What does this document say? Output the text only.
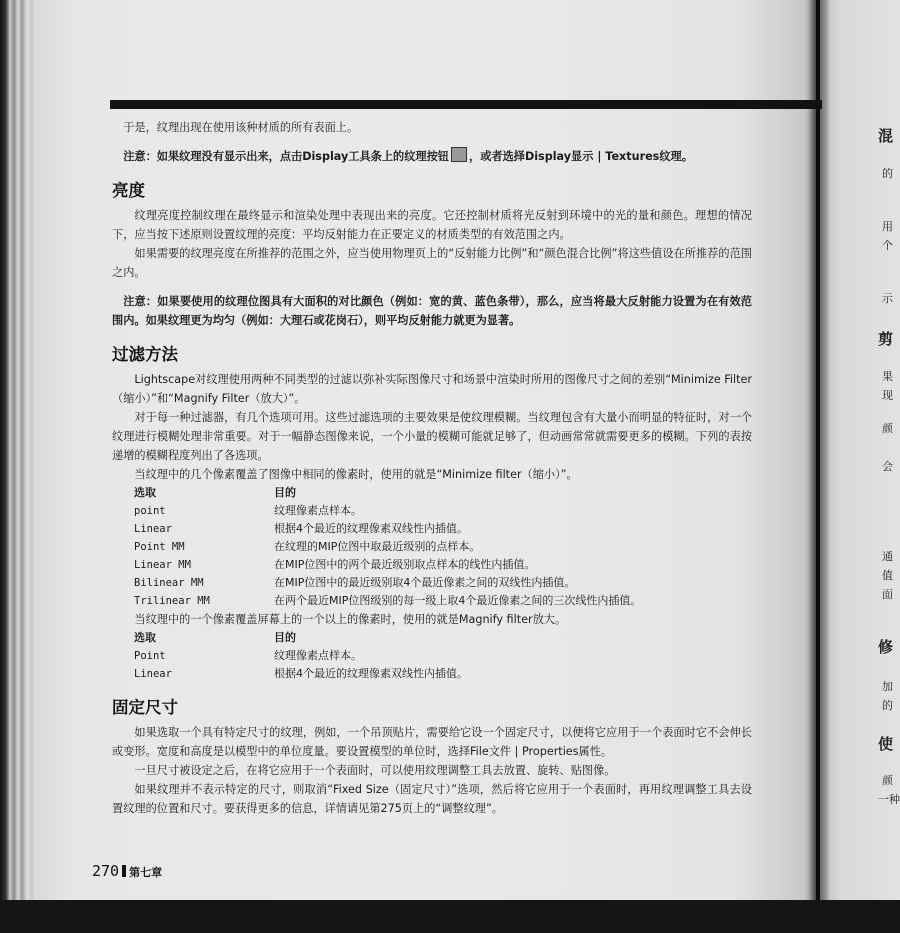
于是，纹理出现在使用该种材质的所有表面上。

注意：如果纹理没有显示出来，点击Display工具条上的纹理按钮 ，或者选择Display显示 | Textures纹理。

亮度

纹理亮度控制纹理在最终显示和渲染处理中表现出来的亮度。它还控制材质将光反射到环境中的光的量和颜色。理想的情况下，应当按下述原则设置纹理的亮度：平均反射能力在正要定义的材质类型的有效范围之内。

如果需要的纹理亮度在所推荐的范围之外，应当使用物理页上的“反射能力比例”和“颜色混合比例”将这些值设在所推荐的范围之内。

注意：如果要使用的纹理位图具有大面积的对比颜色（例如：宽的黄、蓝色条带），那么，应当将最大反射能力设置为在有效范围内。如果纹理更为均匀（例如：大理石或花岗石），则平均反射能力就更为显著。

过滤方法

Lightscape对纹理使用两种不同类型的过滤以弥补实际图像尺寸和场景中渲染时所用的图像尺寸之间的差别“Minimize Filter（缩小）”和“Magnify Filter（放大）”。

对于每一种过滤器，有几个选项可用。这些过滤选项的主要效果是使纹理模糊。当纹理包含有大量小而明显的特征时，对一个纹理进行模糊处理非常重要。对于一幅静态图像来说，一个小量的模糊可能就足够了，但动画常常就需要更多的模糊。下列的表按递增的模糊程度列出了各选项。

当纹理中的几个像素覆盖了图像中相同的像素时，使用的就是“Minimize filter（缩小）”。

选取	目的
point	纹理像素点样本。
Linear	根据4个最近的纹理像素双线性内插值。
Point MM	在纹理的MIP位图中取最近级别的点样本。
Linear MM	在MIP位图中的两个最近级别取点样本的线性内插值。
Bilinear MM	在MIP位图中的最近级别取4个最近像素之间的双线性内插值。
Trilinear MM	在两个最近MIP位图级别的每一级上取4个最近像素之间的三次线性内插值。

当纹理中的一个像素覆盖屏幕上的一个以上的像素时，使用的就是Magnify filter放大。

选取	目的
Point	纹理像素点样本。
Linear	根据4个最近的纹理像素双线性内插值。
固定尺寸

如果选取一个具有特定尺寸的纹理，例如，一个吊顶贴片，需要给它设一个固定尺寸，以便将它应用于一个表面时它不会伸长或变形。宽度和高度是以模型中的单位度量。要设置模型的单位时，选择File文件 | Properties属性。

一旦尺寸被设定之后，在将它应用于一个表面时，可以使用纹理调整工具去放置、旋转、贴图像。

如果纹理并不表示特定的尺寸，则取消“Fixed Size（固定尺寸）”选项，然后将它应用于一个表面时，再用纹理调整工具去设置纹理的位置和尺寸。要获得更多的信息，详情请见第275页上的“调整纹理”。

270 第七章
混
的
用
个
示
剪
果
现
颜
会
通
值
面
修
加
的
使
颜
一种
